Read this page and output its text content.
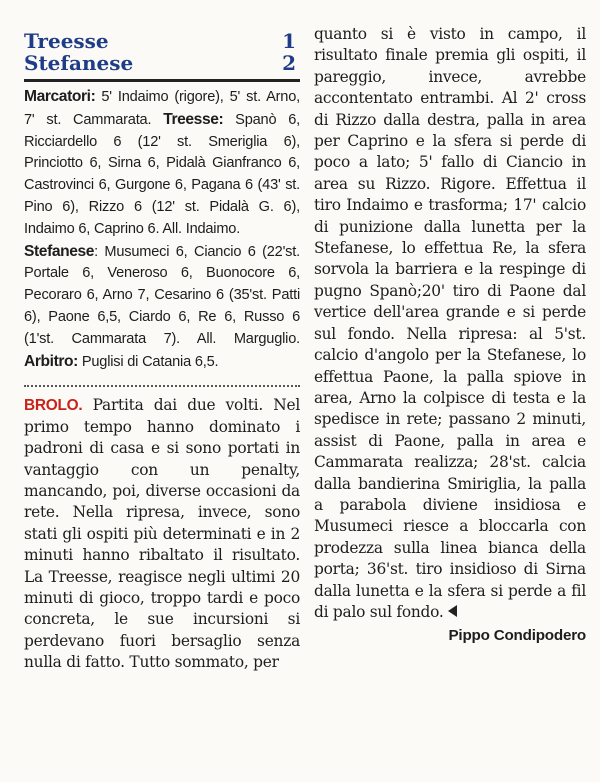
Treesse	1
Stefanese	2
Marcatori: 5' Indaimo (rigore), 5' st. Arno, 7' st. Cammarata. Treesse: Spanò 6, Ricciardello 6 (12' st. Smeriglia 6), Princiotto 6, Sirna 6, Pidalà Gianfranco 6, Castrovinci 6, Gurgone 6, Pagana 6 (43' st. Pino 6), Rizzo 6 (12' st. Pidalà G. 6), Indaimo 6, Caprino 6. All. Indaimo.
Stefanese: Musumeci 6, Ciancio 6 (22'st. Portale 6, Veneroso 6, Buonocore 6, Pecoraro 6, Arno 7, Cesarino 6 (35'st. Patti 6), Paone 6,5, Ciardo 6, Re 6, Russo 6 (1'st. Cammarata 7). All. Marguglio. Arbitro: Puglisi di Catania 6,5.
BROLO. Partita dai due volti. Nel primo tempo hanno dominato i padroni di casa e si sono portati in vantaggio con un penalty, mancando, poi, diverse occasioni da rete. Nella ripresa, invece, sono stati gli ospiti più determinati e in 2 minuti hanno ribaltato il risultato. La Treesse, reagisce negli ultimi 20 minuti di gioco, troppo tardi e poco concreta, le sue incursioni si perdevano fuori bersaglio senza nulla di fatto. Tutto sommato, per
quanto si è visto in campo, il risultato finale premia gli ospiti, il pareggio, invece, avrebbe accontentato entrambi. Al 2' cross di Rizzo dalla destra, palla in area per Caprino e la sfera si perde di poco a lato; 5' fallo di Ciancio in area su Rizzo. Rigore. Effettua il tiro Indaimo e trasforma; 17' calcio di punizione dalla lunetta per la Stefanese, lo effettua Re, la sfera sorvola la barriera e la respinge di pugno Spanò;20' tiro di Paone dal vertice dell'area grande e si perde sul fondo. Nella ripresa: al 5'st. calcio d'angolo per la Stefanese, lo effettua Paone, la palla spiove in area, Arno la colpisce di testa e la spedisce in rete; passano 2 minuti, assist di Paone, palla in area e Cammarata realizza; 28'st. calcia dalla bandierina Smiriglia, la palla a parabola diviene insidiosa e Musumeci riesce a bloccarla con prodezza sulla linea bianca della porta; 36'st. tiro insidioso di Sirna dalla lunetta e la sfera si perde a fil di palo sul fondo.
Pippo Condipodero
